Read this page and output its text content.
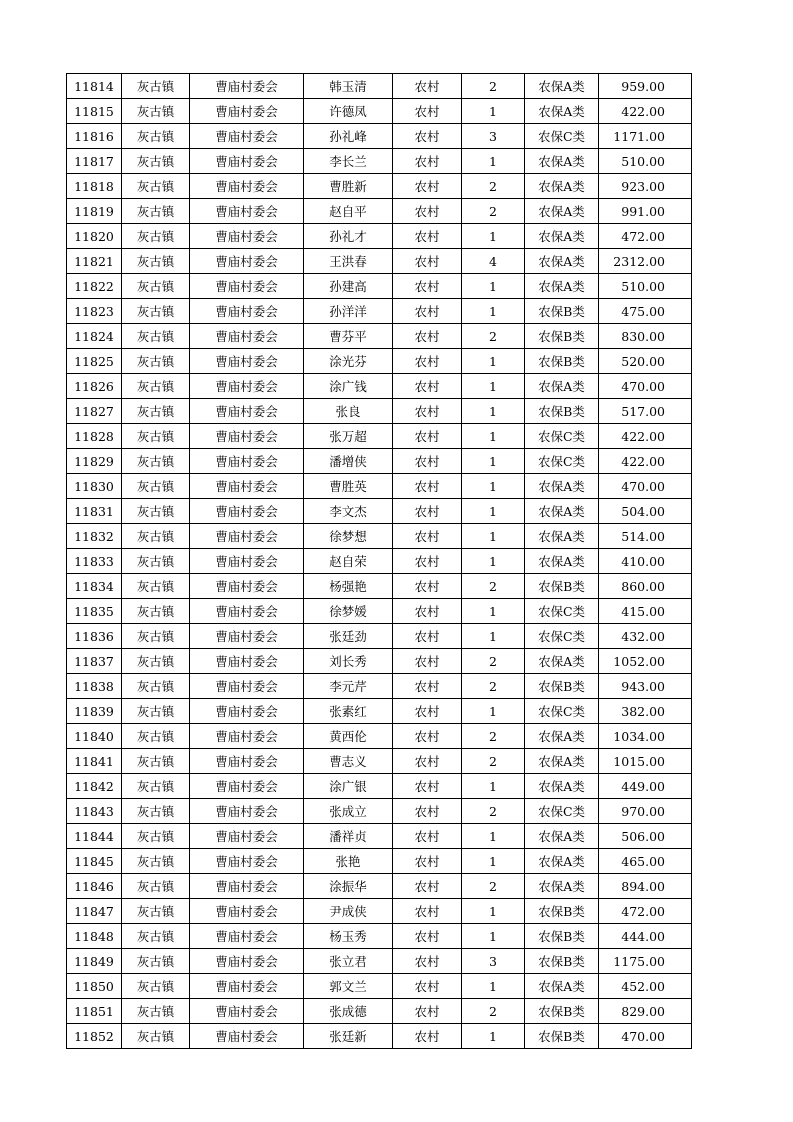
11814	灰古镇	曹庙村委会	韩玉清	农村	2	农保A类	959.00
11815	灰古镇	曹庙村委会	许德凤	农村	1	农保A类	422.00
11816	灰古镇	曹庙村委会	孙礼峰	农村	3	农保C类	1171.00
11817	灰古镇	曹庙村委会	李长兰	农村	1	农保A类	510.00
11818	灰古镇	曹庙村委会	曹胜新	农村	2	农保A类	923.00
11819	灰古镇	曹庙村委会	赵自平	农村	2	农保A类	991.00
11820	灰古镇	曹庙村委会	孙礼才	农村	1	农保A类	472.00
11821	灰古镇	曹庙村委会	王洪春	农村	4	农保A类	2312.00
11822	灰古镇	曹庙村委会	孙建高	农村	1	农保A类	510.00
11823	灰古镇	曹庙村委会	孙洋洋	农村	1	农保B类	475.00
11824	灰古镇	曹庙村委会	曹芬平	农村	2	农保B类	830.00
11825	灰古镇	曹庙村委会	涂光芬	农村	1	农保B类	520.00
11826	灰古镇	曹庙村委会	涂广钱	农村	1	农保A类	470.00
11827	灰古镇	曹庙村委会	张良	农村	1	农保B类	517.00
11828	灰古镇	曹庙村委会	张万超	农村	1	农保C类	422.00
11829	灰古镇	曹庙村委会	潘增侠	农村	1	农保C类	422.00
11830	灰古镇	曹庙村委会	曹胜英	农村	1	农保A类	470.00
11831	灰古镇	曹庙村委会	李文杰	农村	1	农保A类	504.00
11832	灰古镇	曹庙村委会	徐梦想	农村	1	农保A类	514.00
11833	灰古镇	曹庙村委会	赵自荣	农村	1	农保A类	410.00
11834	灰古镇	曹庙村委会	杨强艳	农村	2	农保B类	860.00
11835	灰古镇	曹庙村委会	徐梦媛	农村	1	农保C类	415.00
11836	灰古镇	曹庙村委会	张廷劲	农村	1	农保C类	432.00
11837	灰古镇	曹庙村委会	刘长秀	农村	2	农保A类	1052.00
11838	灰古镇	曹庙村委会	李元芹	农村	2	农保B类	943.00
11839	灰古镇	曹庙村委会	张素红	农村	1	农保C类	382.00
11840	灰古镇	曹庙村委会	黄西伦	农村	2	农保A类	1034.00
11841	灰古镇	曹庙村委会	曹志义	农村	2	农保A类	1015.00
11842	灰古镇	曹庙村委会	涂广银	农村	1	农保A类	449.00
11843	灰古镇	曹庙村委会	张成立	农村	2	农保C类	970.00
11844	灰古镇	曹庙村委会	潘祥贞	农村	1	农保A类	506.00
11845	灰古镇	曹庙村委会	张艳	农村	1	农保A类	465.00
11846	灰古镇	曹庙村委会	涂振华	农村	2	农保A类	894.00
11847	灰古镇	曹庙村委会	尹成侠	农村	1	农保B类	472.00
11848	灰古镇	曹庙村委会	杨玉秀	农村	1	农保B类	444.00
11849	灰古镇	曹庙村委会	张立君	农村	3	农保B类	1175.00
11850	灰古镇	曹庙村委会	郭文兰	农村	1	农保A类	452.00
11851	灰古镇	曹庙村委会	张成德	农村	2	农保B类	829.00
11852	灰古镇	曹庙村委会	张廷新	农村	1	农保B类	470.00
